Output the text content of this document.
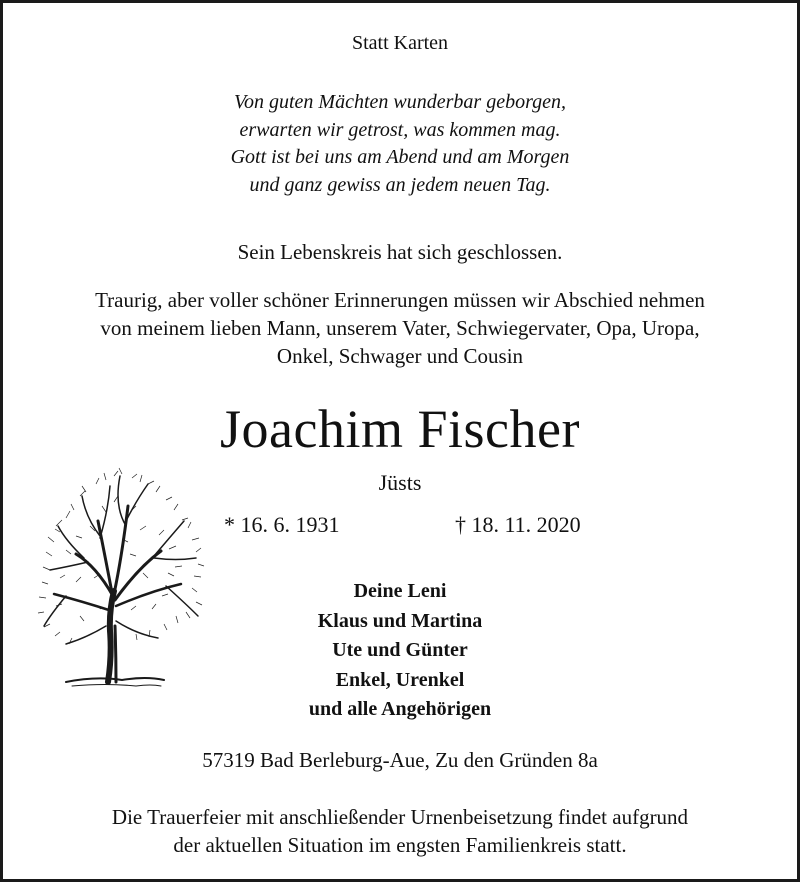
Statt Karten
Von guten Mächten wunderbar geborgen,
erwarten wir getrost, was kommen mag.
Gott ist bei uns am Abend und am Morgen
und ganz gewiss an jedem neuen Tag.
Sein Lebenskreis hat sich geschlossen.
Traurig, aber voller schöner Erinnerungen müssen wir Abschied nehmen
von meinem lieben Mann, unserem Vater, Schwiegervater, Opa, Uropa,
Onkel, Schwager und Cousin
Joachim Fischer
Jüsts
* 16. 6. 1931	† 18. 11. 2020
Deine Leni
Klaus und Martina
Ute und Günter
Enkel, Urenkel
und alle Angehörigen
57319 Bad Berleburg-Aue, Zu den Gründen 8a
Die Trauerfeier mit anschließender Urnenbeisetzung findet aufgrund
der aktuellen Situation im engsten Familienkreis statt.
